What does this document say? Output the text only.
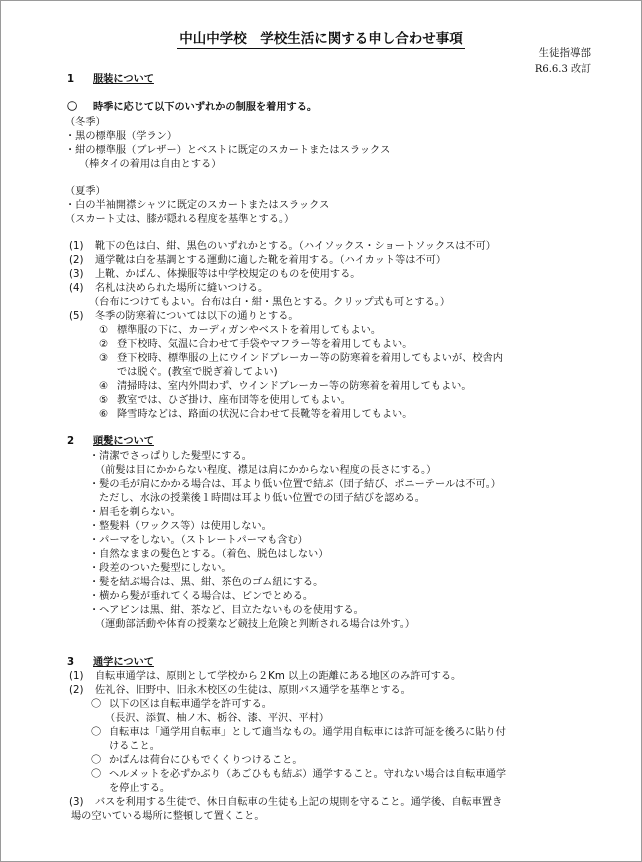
中山中学校　学校生活に関する申し合わせ事項
生徒指導部
R6.6.3 改訂
1 服装について
〇 時季に応じて以下のいずれかの制服を着用する。
（冬季）
・黒の標準服（学ラン）
・紺の標準服（ブレザー）とベストに既定のスカートまたはスラックス
（棒タイの着用は自由とする）
（夏季）
・白の半袖開襟シャツに既定のスカートまたはスラックス
（スカート丈は、膝が隠れる程度を基準とする。）
(1) 靴下の色は白、紺、黒色のいずれかとする。（ハイソックス・ショートソックスは不可）
(2) 通学靴は白を基調とする運動に適した靴を着用する。（ハイカット等は不可）
(3) 上靴、かばん、体操服等は中学校規定のものを使用する。
(4) 名札は決められた場所に縫いつける。
（台布につけてもよい。台布は白・紺・黒色とする。クリップ式も可とする。）
(5) 冬季の防寒着については以下の通りとする。
① 標準服の下に、カーディガンやベストを着用してもよい。
② 登下校時、気温に合わせて手袋やマフラー等を着用してもよい。
③ 登下校時、標準服の上にウインドブレーカー等の防寒着を着用してもよいが、校舎内
では脱ぐ。(教室で脱ぎ着してよい)
④ 清掃時は、室内外問わず、ウインドブレーカー等の防寒着を着用してもよい。
⑤ 教室では、ひざ掛け、座布団等を使用してもよい。
⑥ 降雪時などは、路面の状況に合わせて長靴等を着用してもよい。
2 頭髪について
・清潔でさっぱりした髪型にする。
（前髪は目にかからない程度、襟足は肩にかからない程度の長さにする。）
・髪の毛が肩にかかる場合は、耳より低い位置で結ぶ（団子結び、ポニーテールは不可。）
ただし、水泳の授業後１時間は耳より低い位置での団子結びを認める。
・眉毛を剃らない。
・整髪料（ワックス等）は使用しない。
・パーマをしない。（ストレートパーマも含む）
・自然なままの髪色とする。（着色、脱色はしない）
・段差のついた髪型にしない。
・髪を結ぶ場合は、黒、紺、茶色のゴム紐にする。
・横から髪が垂れてくる場合は、ピンでとめる。
・ヘアピンは黒、紺、茶など、目立たないものを使用する。
（運動部活動や体育の授業など競技上危険と判断される場合は外す。）
3 通学について
(1) 自転車通学は、原則として学校から２Km 以上の距離にある地区のみ許可する。
(2) 佐礼谷、旧野中、旧永木校区の生徒は、原則バス通学を基準とする。
〇 以下の区は自転車通学を許可する。
（長沢、添賀、柚ノ木、栃谷、漆、平沢、平村）
〇 自転車は「通学用自転車」として適当なもの。通学用自転車には許可証を後ろに貼り付
けること。
〇 かばんは荷台にひもでくくりつけること。
〇 ヘルメットを必ずかぶり（あごひもも結ぶ）通学すること。守れない場合は自転車通学
を停止する。
(3) バスを利用する生徒で、休日自転車の生徒も上記の規則を守ること。通学後、自転車置き
場の空いている場所に整頓して置くこと。
